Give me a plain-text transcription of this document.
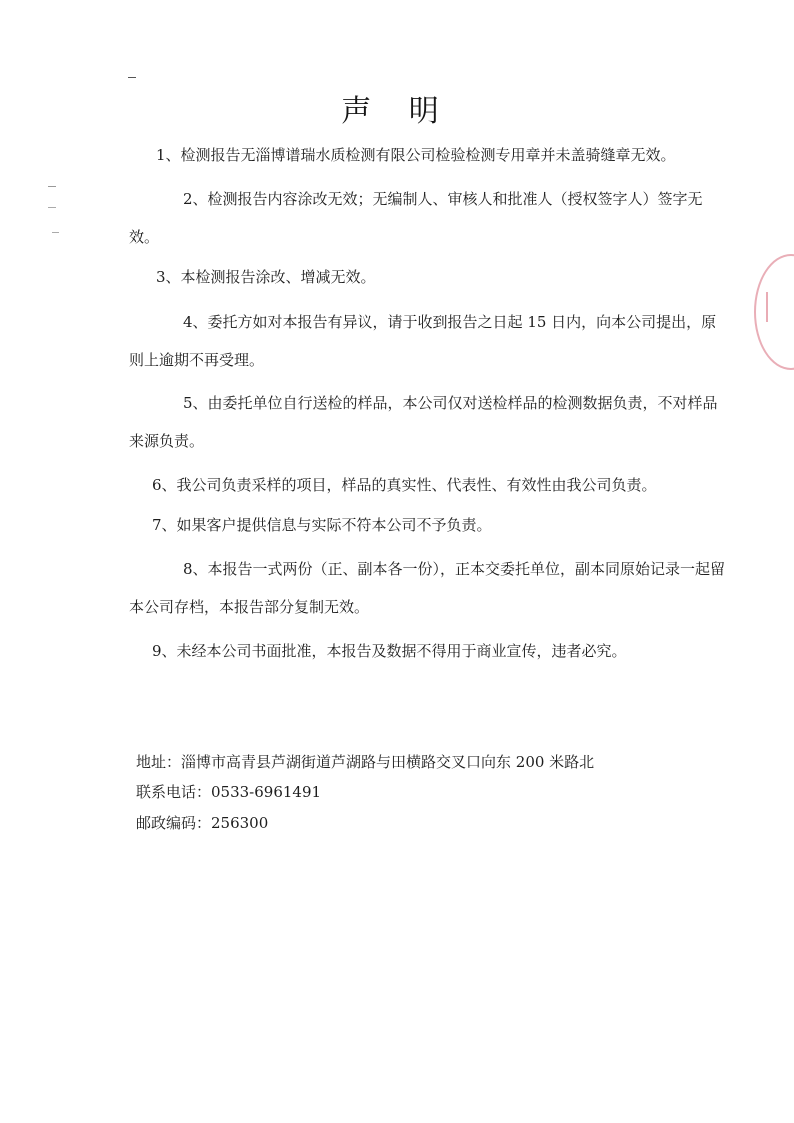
声 明
1、检测报告无淄博谱瑞水质检测有限公司检验检测专用章并未盖骑缝章无效。
2、检测报告内容涂改无效；无编制人、审核人和批准人（授权签字人）签字无效。
3、本检测报告涂改、增减无效。
4、委托方如对本报告有异议，请于收到报告之日起 15 日内，向本公司提出，原则上逾期不再受理。
5、由委托单位自行送检的样品，本公司仅对送检样品的检测数据负责，不对样品来源负责。
6、我公司负责采样的项目，样品的真实性、代表性、有效性由我公司负责。
7、如果客户提供信息与实际不符本公司不予负责。
8、本报告一式两份（正、副本各一份），正本交委托单位，副本同原始记录一起留本公司存档，本报告部分复制无效。
9、未经本公司书面批准，本报告及数据不得用于商业宣传，违者必究。
地址：淄博市高青县芦湖街道芦湖路与田横路交叉口向东 200 米路北
联系电话：0533-6961491
邮政编码：256300
